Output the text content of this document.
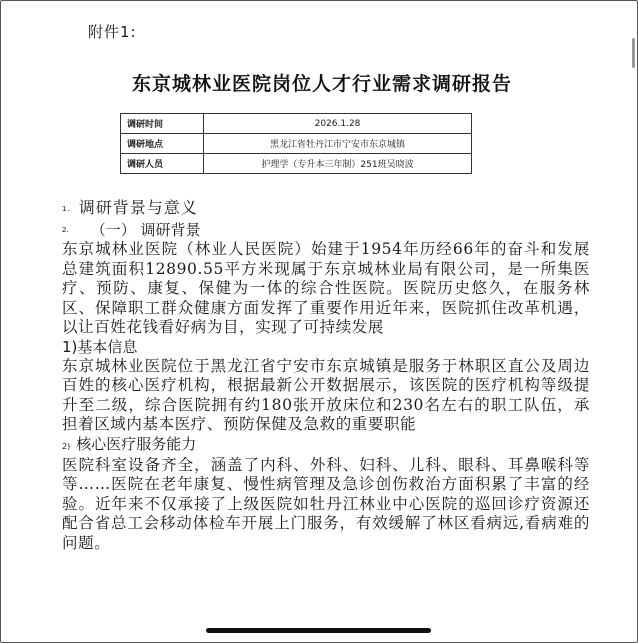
附件1:
东京城林业医院岗位人才行业需求调研报告
调研时间	2026.1.28
调研地点	黑龙江省牡丹江市宁安市东京城镇
调研人员	护理学（专升本三年制）251班吴晓波
1. 调研背景与意义
2. （一） 调研背景
东京城林业医院（林业人民医院）始建于1954年历经66年的奋斗和发展总建筑面积12890.55平方米现属于东京城林业局有限公司，是一所集医疗、预防、康复、保健为一体的综合性医院。医院历史悠久，在服务林区、保障职工群众健康方面发挥了重要作用近年来，医院抓住改革机遇，以让百姓花钱看好病为目，实现了可持续发展
1)基本信息
东京城林业医院位于黑龙江省宁安市东京城镇是服务于林职区直公及周边百姓的核心医疗机构，根据最新公开数据展示，该医院的医疗机构等级提升至二级，综合医院拥有约180张开放床位和230名左右的职工队伍，承担着区域内基本医疗、预防保健及急救的重要职能
2) 核心医疗服务能力
医院科室设备齐全，涵盖了内科、外科、妇科、儿科、眼科、耳鼻喉科等等……医院在老年康复、慢性病管理及急诊创伤救治方面积累了丰富的经验。近年来不仅承接了上级医院如牡丹江林业中心医院的巡回诊疗资源还配合省总工会移动体检车开展上门服务，有效缓解了林区看病远,看病难的问题。
